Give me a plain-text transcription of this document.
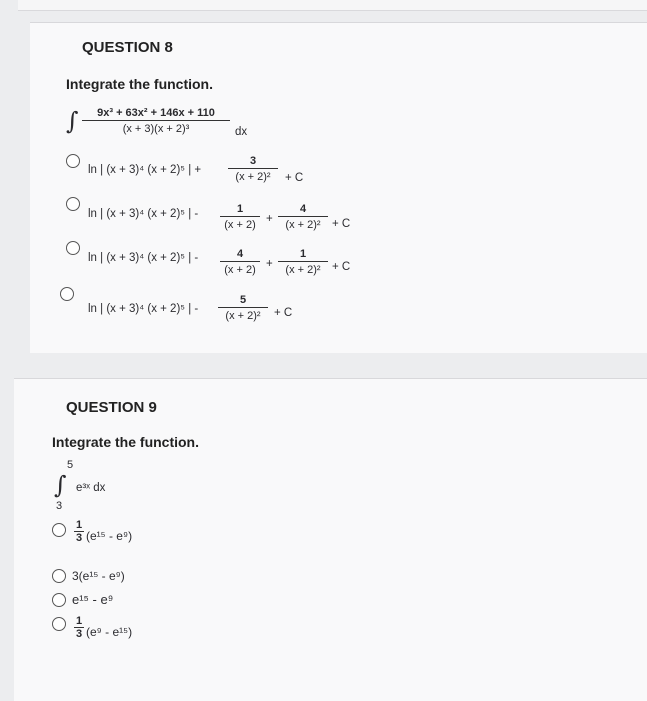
QUESTION 8
Integrate the function.
∫ $\frac{\text{9x³ + 63x² + 146x + 110}}{\text{(x + 3)(x + 2)³}}$ dx
ln | (x + 3)⁴ (x + 2)⁵ | + $\frac{3}{\text{(x + 2)²}} + C$
ln | (x + 3)⁴ (x + 2)⁵ | - $\frac{1}{(x + 2)} + \frac{4}{\text{(x + 2)²}} + C$
ln | (x + 3)⁴ (x + 2)⁵ | - $\frac{4}{(x + 2)} + \frac{1}{\text{(x + 2)²}} + C$
ln | (x + 3)⁴ (x + 2)⁵ | - $\frac{5}{\text{(x + 2)²}} + C$
QUESTION 9
Integrate the function.
5
∫
3
e³ˣ dx
$\frac{1}{3} (e^{15} - e^9)$
3(e¹⁵ - e⁹)
e¹⁵ - e⁹
$\frac{1}{3} (e^9 - e^{15})$
